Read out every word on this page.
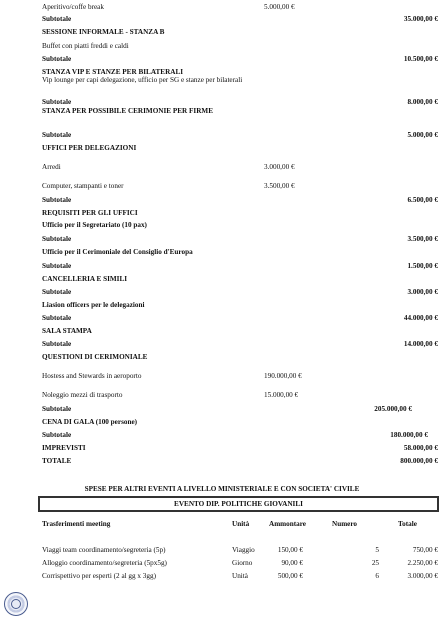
Aperitivo/coffe break	5.000,00 €
Subtotale	35.000,00 €
SESSIONE INFORMALE - STANZA B
Buffet con piatti freddi e caldi
Subtotale	10.500,00 €
STANZA VIP E STANZE PER BILATERALI
Vip lounge per capi delegazione, ufficio per SG e stanze per bilaterali
Subtotale	8.000,00 €
STANZA PER POSSIBILE CERIMONIE PER FIRME
Subtotale	5.000,00 €
UFFICI PER DELEGAZIONI
Arredi	3.000,00 €
Computer, stampanti e toner	3.500,00 €
Subtotale	6.500,00 €
REQUISITI PER GLI UFFICI
Ufficio per il Segretariato (10 pax)
Subtotale	3.500,00 €
Ufficio per il Cerimoniale del Consiglio d'Europa
Subtotale	1.500,00 €
CANCELLERIA E SIMILI
Subtotale	3.000,00 €
Liasion officers per le delegazioni
Subtotale	44.000,00 €
SALA STAMPA
Subtotale	14.000,00 €
QUESTIONI DI CERIMONIALE
Hostess and Stewards in aeroporto	190.000,00 €
Noleggio mezzi di trasporto	15.000,00 €
Subtotale	205.000,00 €
CENA DI GALA (100 persone)
Subtotale	180.000,00 €
IMPREVISTI	58.000,00 €
TOTALE	800.000,00 €
SPESE PER ALTRI EVENTI A LIVELLO MINISTERIALE E CON SOCIETA' CIVILE
EVENTO DIP. POLITICHE GIOVANILI
Trasferimenti meeting	Unità	Ammontare	Numero	Totale
Viaggi team coordinamento/segreteria (5p)	Viaggio	150,00 €	5	750,00 €
Alloggio coordinamento/segreteria (5px5g)	Giorno	90,00 €	25	2.250,00 €
Corrispettivo per esperti (2 al gg x 3gg)	Unità	500,00 €	6	3.000,00 €
